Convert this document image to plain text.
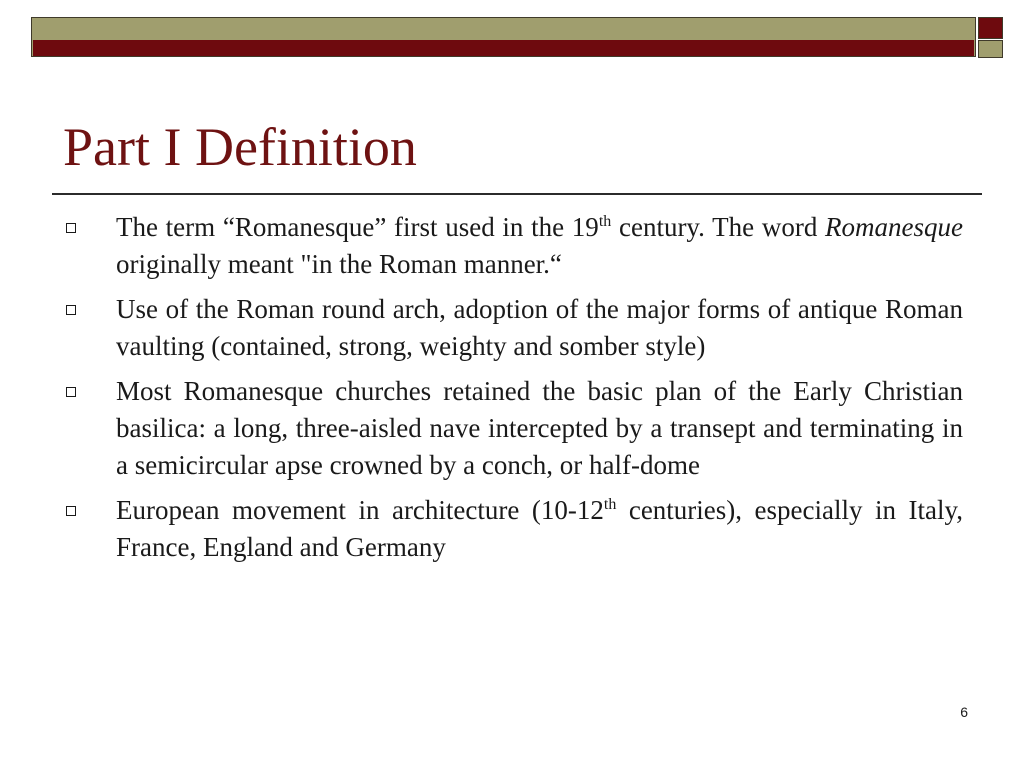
Part I Definition
The term “Romanesque” first used in the 19th century. The word Romanesque originally meant "in the Roman manner.“
Use of the Roman round arch, adoption of the major forms of antique Roman vaulting (contained, strong, weighty and somber style)
Most Romanesque churches retained the basic plan of the Early Christian basilica: a long, three-aisled nave intercepted by a transept and terminating in a semicircular apse crowned by a conch, or half-dome
European movement in architecture (10-12th centuries), especially in Italy, France, England and Germany
6
